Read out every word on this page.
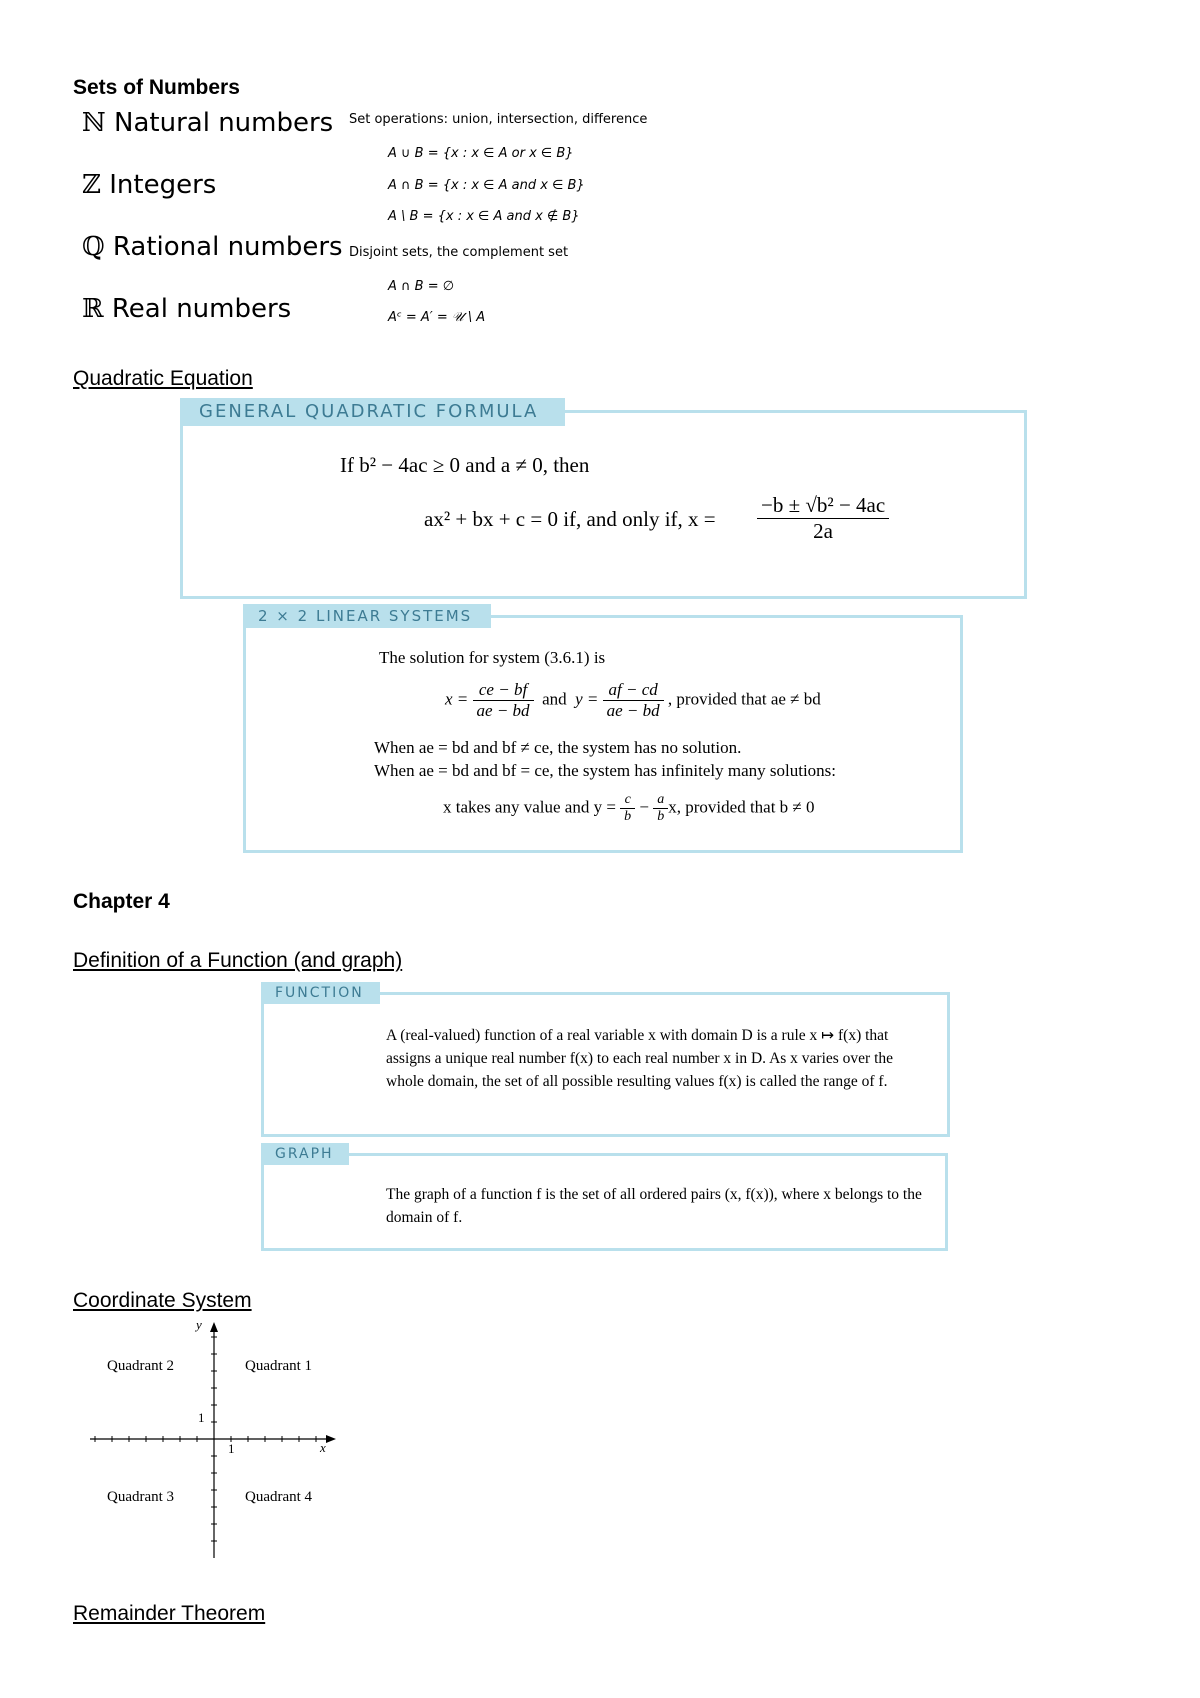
Sets of Numbers
ℕ Natural numbers
ℤ Integers
ℚ Rational numbers
ℝ Real numbers
Set operations: union, intersection, difference
A ∪ B = {x : x ∈ A or x ∈ B}
A ∩ B = {x : x ∈ A and x ∈ B}
A \ B = {x : x ∈ A and x ∉ B}
Disjoint sets, the complement set
A ∩ B = ∅
Aᶜ = A′ = 𝒰 \ A
Quadratic Equation
GENERAL QUADRATIC FORMULA
If b² − 4ac ≥ 0 and a ≠ 0, then
ax² + bx + c = 0 if, and only if, $x = \frac{\text{−b ± √b² − 4ac}}{2a}$
2 × 2 LINEAR SYSTEMS
The solution for system (3.6.1) is
$x = \frac{ce - bf}{ae - bd}$ and $y = \frac{af - cd}{ae - bd}$ , provided that ae ≠ bd
When ae = bd and bf ≠ ce, the system has no solution.
When ae = bd and bf = ce, the system has infinitely many solutions:
x takes any value and $y = \frac{c}{b} - \frac{a}{b} x$, provided that b ≠ 0
Chapter 4
Definition of a Function (and graph)
FUNCTION
A (real-valued) function of a real variable x with domain D is a rule x ↦ f(x) that assigns a unique real number f(x) to each real number x in D. As x varies over the whole domain, the set of all possible resulting values f(x) is called the range of f.
GRAPH
The graph of a function f is the set of all ordered pairs (x, f(x)), where x belongs to the domain of f.
Coordinate System
y
x
1
1
Quadrant 1
Quadrant 2
Quadrant 3	Quadrant 4
Remainder Theorem
